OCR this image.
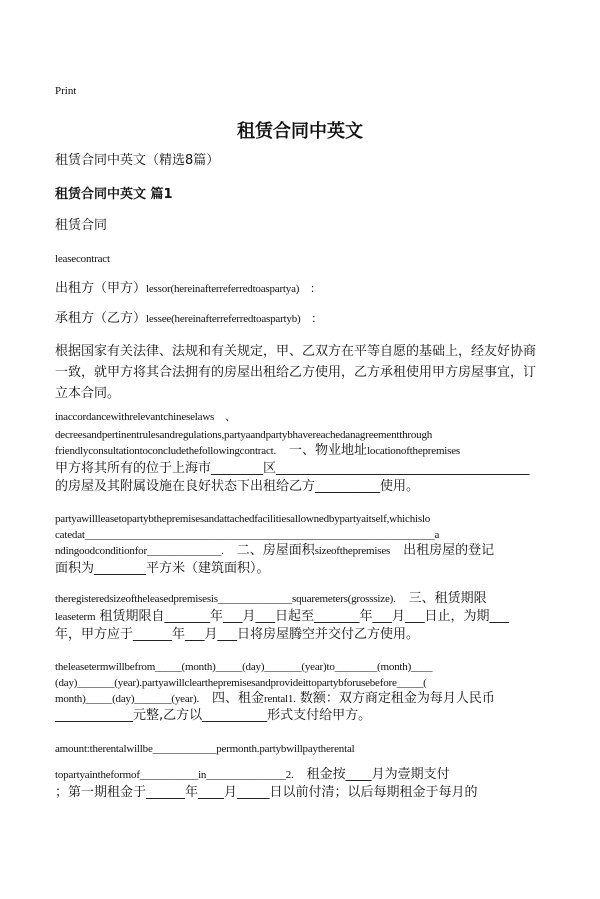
Print
租赁合同中英文
租赁合同中英文（精选8篇）
租赁合同中英文 篇1
租赁合同
leasecontract
出租方（甲方）lessor(hereinafterreferredtoaspartya)　：
承租方（乙方）lessee(hereinafterreferredtoaspartyb)　：
根据国家有关法律、法规和有关规定，甲、乙双方在平等自愿的基础上，经友好协商一致，就甲方将其合法拥有的房屋出租给乙方使用，乙方承租使用甲方房屋事宜，订立本合同。
inaccordancewithrelevantchineselaws　、
decreesandpertinentrulesandregulations,partyaandpartybhavereachedanagreementthrough
friendlyconsultationtoconcludethefollowingcontract.　一、物业地址locationofthepremises
甲方将其所有的位于上海市________区_______________________________________
的房屋及其附属设施在良好状态下出租给乙方__________使用。
partyawillleasetopartybthepremisesandattachedfacilitiesallownedbypartyaitself,whichislo
catedat__________________________________________________________________a
ndingoodconditionfor______________.　二、房屋面积sizeofthepremises　出租房屋的登记
面积为________平方米（建筑面积）。
theregisteredsizeoftheleasedpremisesis______________squaremeters(grosssize).　三、租赁期限
leaseterm 租赁期限自_______年___月___日起至_______年___月___日止，为期___
年，甲方应于______年___月___日将房屋腾空并交付乙方使用。
theleasetermwillbefrom_____(month)_____(day)_______(year)to________(month)____
(day)_______(year).partyawillclearthepremisesandprovideittopartybforusebefore_____(
month)_____(day)_______(year).　四、租金rental1. 数额：双方商定租金为每月人民币
____________元整,乙方以__________形式支付给甲方。
amount:therentalwillbe____________permonth.partybwillpaytherental
topartyaintheformof___________in_______________2.　租金按____月为壹期支付
；第一期租金于______年____月_____日以前付清；以后每期租金于每月的
